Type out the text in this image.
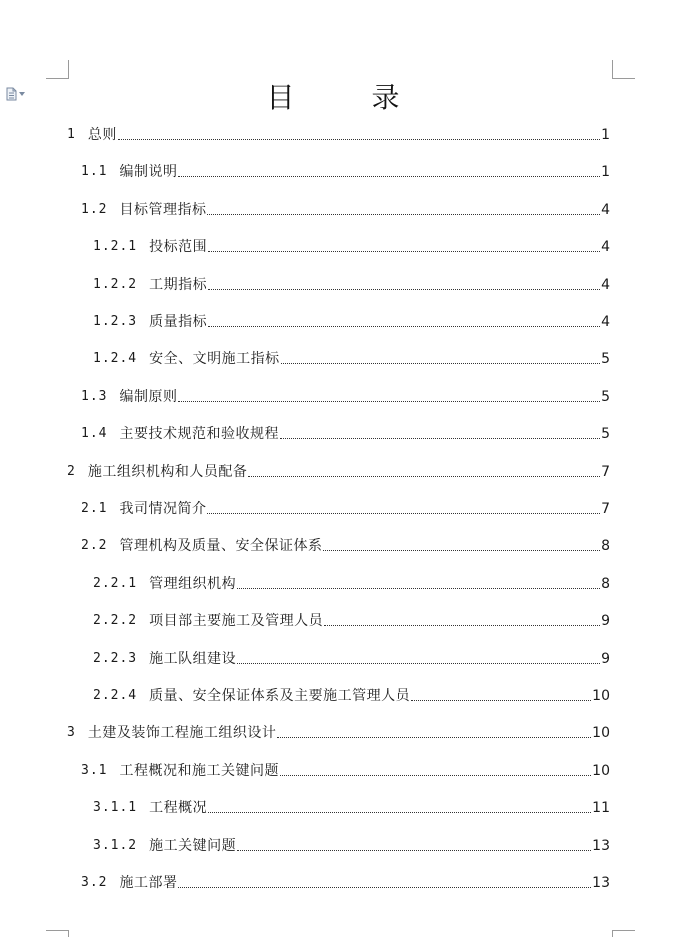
目 录
1 总则	1
1.1 编制说明	1
1.2 目标管理指标	4
1.2.1 投标范围	4
1.2.2 工期指标	4
1.2.3 质量指标	4
1.2.4 安全、文明施工指标	5
1.3 编制原则	5
1.4 主要技术规范和验收规程	5
2 施工组织机构和人员配备	7
2.1 我司情况简介	7
2.2 管理机构及质量、安全保证体系	8
2.2.1 管理组织机构	8
2.2.2 项目部主要施工及管理人员	9
2.2.3 施工队组建设	9
2.2.4 质量、安全保证体系及主要施工管理人员	10
3 土建及装饰工程施工组织设计	10
3.1 工程概况和施工关键问题	10
3.1.1 工程概况	11
3.1.2 施工关键问题	13
3.2 施工部署	13
